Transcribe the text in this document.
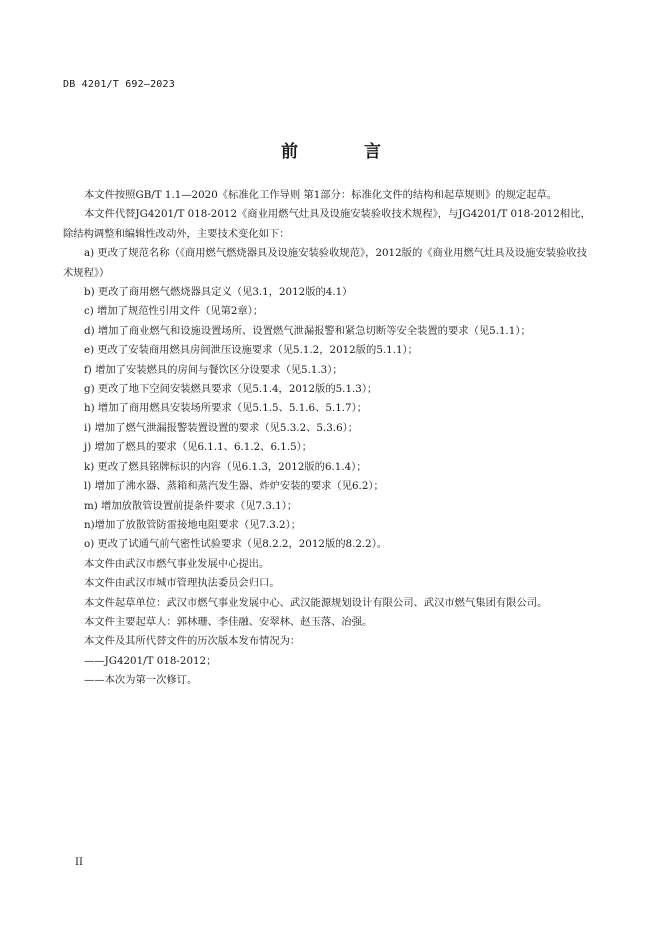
DB 4201/T 692—2023
前 言

本文件按照GB/T 1.1—2020《标准化工作导则 第1部分：标准化文件的结构和起草规则》的规定起草。

本文件代替JG4201/T 018-2012《商业用燃气灶具及设施安装验收技术规程》，与JG4201/T 018-2012相比，除结构调整和编辑性改动外，主要技术变化如下：

a) 更改了规范名称（《商用燃气燃烧器具及设施安装验收规范》，2012版的《商业用燃气灶具及设施安装验收技术规程》）

b) 更改了商用燃气燃烧器具定义（见3.1，2012版的4.1）

c) 增加了规范性引用文件（见第2章）；

d) 增加了商业燃气和设施设置场所、设置燃气泄漏报警和紧急切断等安全装置的要求（见5.1.1）；

e) 更改了安装商用燃具房间泄压设施要求（见5.1.2，2012版的5.1.1）；

f) 增加了安装燃具的房间与餐饮区分设要求（见5.1.3）；

g) 更改了地下空间安装燃具要求（见5.1.4，2012版的5.1.3）；

h) 增加了商用燃具安装场所要求（见5.1.5、5.1.6、5.1.7）；

i) 增加了燃气泄漏报警装置设置的要求（见5.3.2、5.3.6）；

j) 增加了燃具的要求（见6.1.1、6.1.2、6.1.5）；

k) 更改了燃具铭牌标识的内容（见6.1.3，2012版的6.1.4）；

l) 增加了沸水器、蒸箱和蒸汽发生器、炸炉安装的要求（见6.2）；

m) 增加放散管设置前提条件要求（见7.3.1）；

n)增加了放散管防雷接地电阻要求（见7.3.2）；

o) 更改了试通气前气密性试验要求（见8.2.2，2012版的8.2.2）。

本文件由武汉市燃气事业发展中心提出。

本文件由武汉市城市管理执法委员会归口。

本文件起草单位：武汉市燃气事业发展中心、武汉能源规划设计有限公司、武汉市燃气集团有限公司。

本文件主要起草人：郭林珊、李佳融、安翠林、赵玉落、冶强。

本文件及其所代替文件的历次版本发布情况为：

——JG4201/T 018-2012；

——本次为第一次修订。

II
